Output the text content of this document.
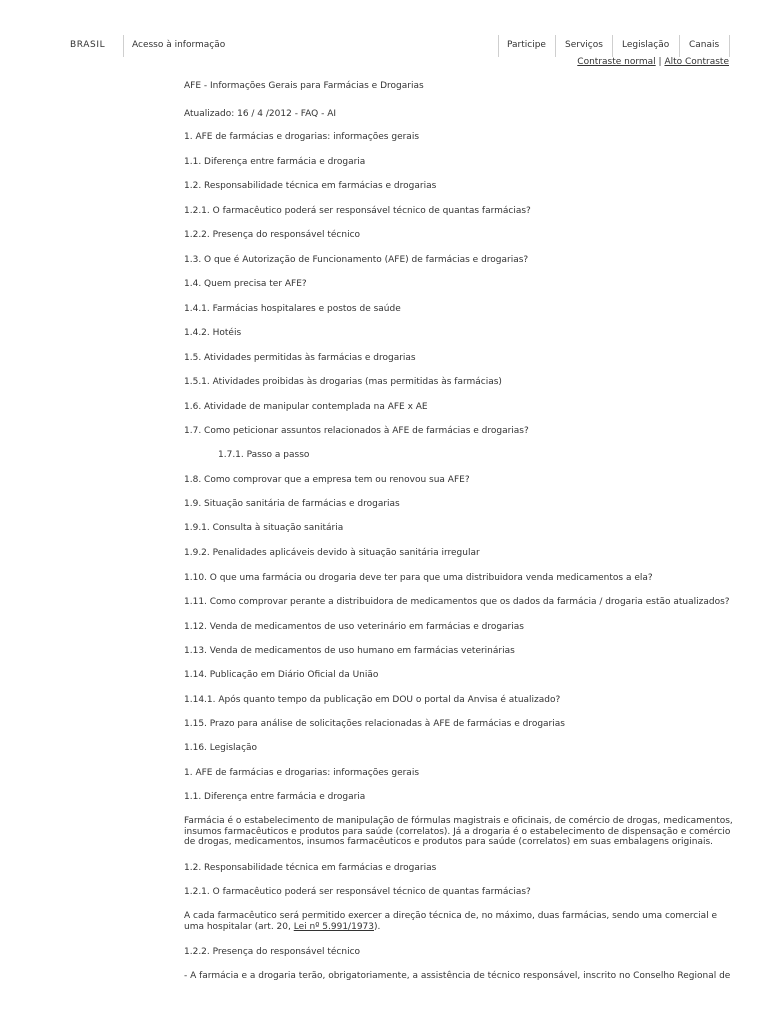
BRASIL	Acesso à informação	Participe Serviços Legislação Canais
Contraste normal | Alto Contraste

AFE - Informações Gerais para Farmácias e Drogarias

Atualizado: 16 / 4 /2012 - FAQ - AI

1. AFE de farmácias e drogarias: informações gerais

1.1. Diferença entre farmácia e drogaria

1.2. Responsabilidade técnica em farmácias e drogarias

1.2.1. O farmacêutico poderá ser responsável técnico de quantas farmácias?

1.2.2. Presença do responsável técnico

1.3. O que é Autorização de Funcionamento (AFE) de farmácias e drogarias?

1.4. Quem precisa ter AFE?

1.4.1. Farmácias hospitalares e postos de saúde

1.4.2. Hotéis

1.5. Atividades permitidas às farmácias e drogarias

1.5.1. Atividades proibidas às drogarias (mas permitidas às farmácias)

1.6. Atividade de manipular contemplada na AFE x AE

1.7. Como peticionar assuntos relacionados à AFE de farmácias e drogarias?

1.7.1. Passo a passo

1.8. Como comprovar que a empresa tem ou renovou sua AFE?

1.9. Situação sanitária de farmácias e drogarias

1.9.1. Consulta à situação sanitária

1.9.2. Penalidades aplicáveis devido à situação sanitária irregular

1.10. O que uma farmácia ou drogaria deve ter para que uma distribuidora venda medicamentos a ela?

1.11. Como comprovar perante a distribuidora de medicamentos que os dados da farmácia / drogaria estão atualizados?

1.12. Venda de medicamentos de uso veterinário em farmácias e drogarias

1.13. Venda de medicamentos de uso humano em farmácias veterinárias

1.14. Publicação em Diário Oficial da União

1.14.1. Após quanto tempo da publicação em DOU o portal da Anvisa é atualizado?

1.15. Prazo para análise de solicitações relacionadas à AFE de farmácias e drogarias

1.16. Legislação

1. AFE de farmácias e drogarias: informações gerais

1.1. Diferença entre farmácia e drogaria

Farmácia é o estabelecimento de manipulação de fórmulas magistrais e oficinais, de comércio de drogas, medicamentos, insumos farmacêuticos e produtos para saúde (correlatos). Já a drogaria é o estabelecimento de dispensação e comércio de drogas, medicamentos, insumos farmacêuticos e produtos para saúde (correlatos) em suas embalagens originais.

1.2. Responsabilidade técnica em farmácias e drogarias

1.2.1. O farmacêutico poderá ser responsável técnico de quantas farmácias?

A cada farmacêutico será permitido exercer a direção técnica de, no máximo, duas farmácias, sendo uma comercial e uma hospitalar (art. 20, Lei nº 5.991/1973).

1.2.2. Presença do responsável técnico

- A farmácia e a drogaria terão, obrigatoriamente, a assistência de técnico responsável, inscrito no Conselho Regional de
